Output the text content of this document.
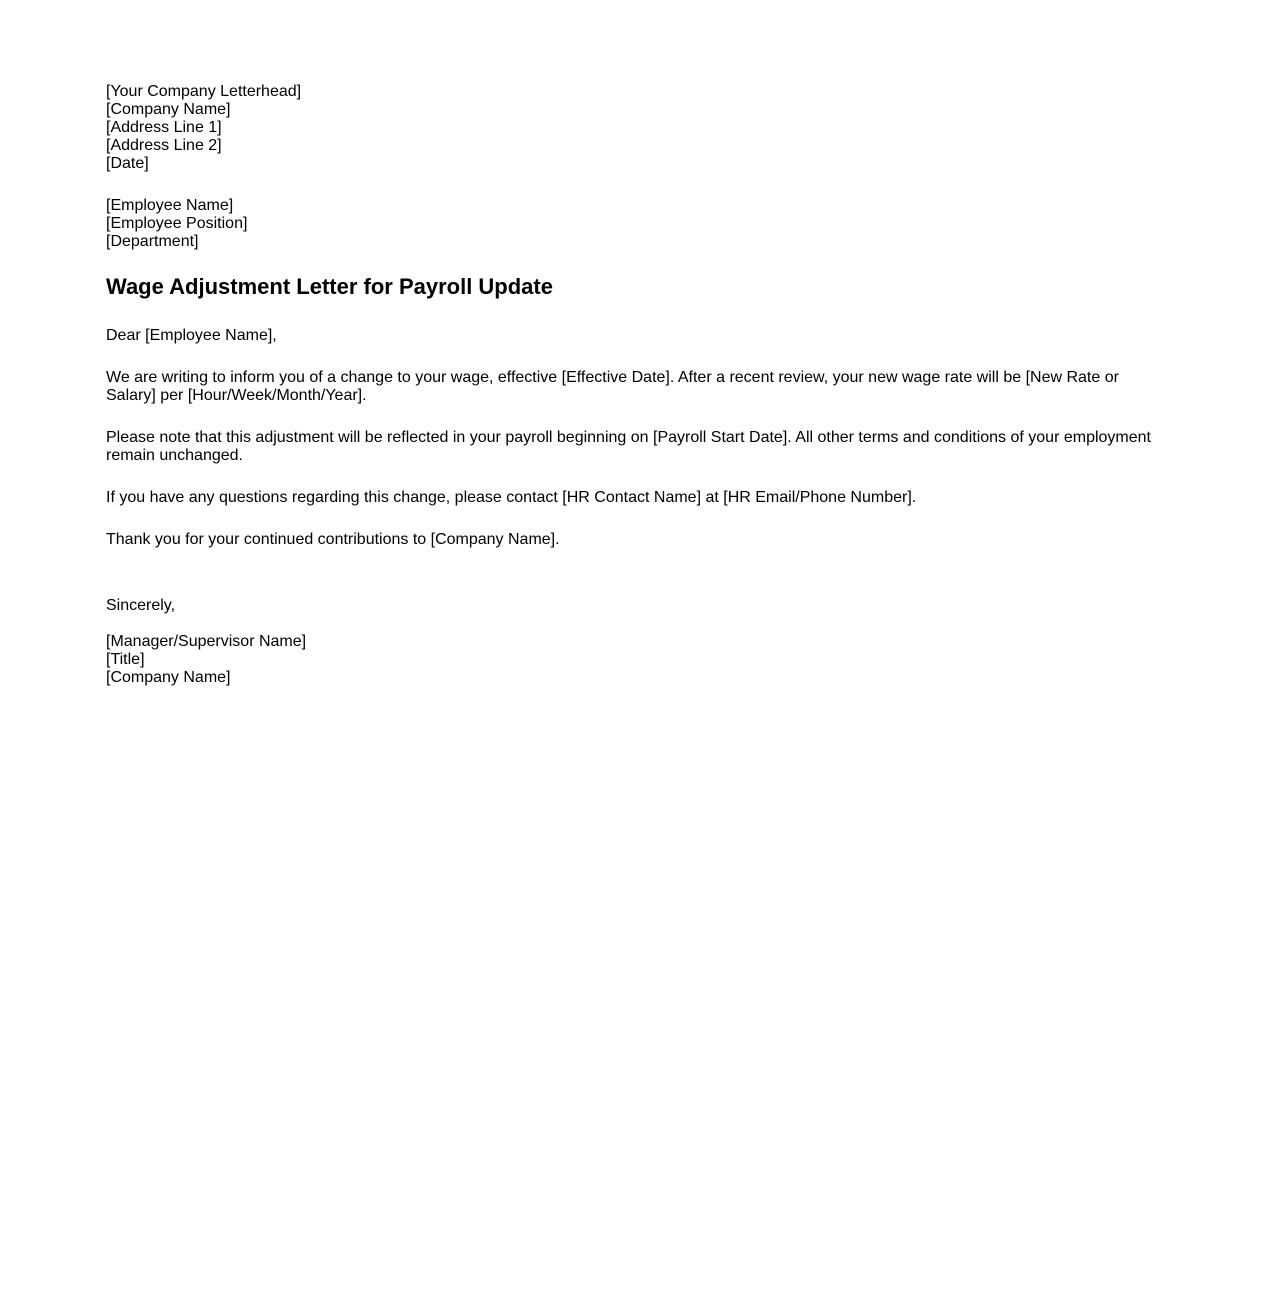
[Your Company Letterhead]
[Company Name]
[Address Line 1]
[Address Line 2]
[Date]
[Employee Name]
[Employee Position]
[Department]
Wage Adjustment Letter for Payroll Update

Dear [Employee Name],

We are writing to inform you of a change to your wage, effective [Effective Date]. After a recent review, your new wage rate will be [New Rate or Salary] per [Hour/Week/Month/Year].

Please note that this adjustment will be reflected in your payroll beginning on [Payroll Start Date]. All other terms and conditions of your employment remain unchanged.

If you have any questions regarding this change, please contact [HR Contact Name] at [HR Email/Phone Number].

Thank you for your continued contributions to [Company Name].

Sincerely,

[Manager/Supervisor Name]
[Title]
[Company Name]
